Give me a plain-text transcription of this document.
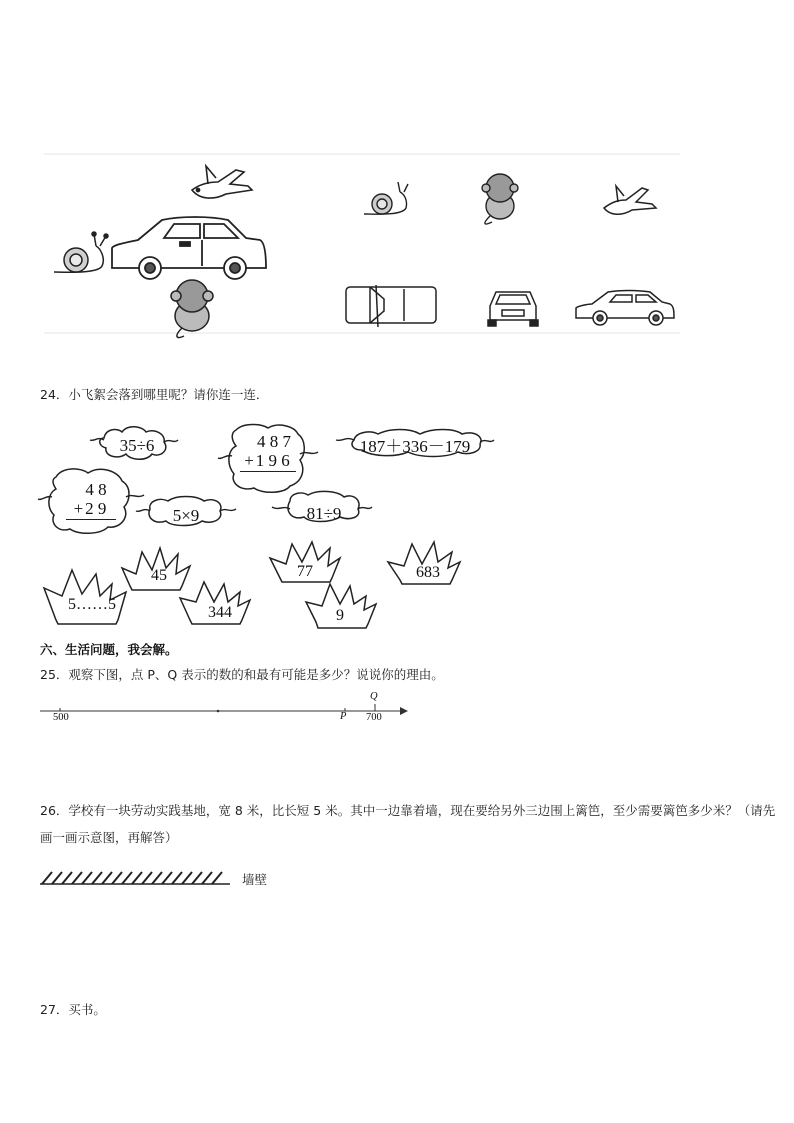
24．小飞絮会落到哪里呢？请你连一连．
35÷6	4 8 7
+ 1 9 6
187＋336－179
4 8
+ 2 9	5×9	81÷9
45	77	683
5……5	344	9
六、生活问题，我会解。
25．观察下图，点 P、Q 表示的数的和最有可能是多少？说说你的理由。
500	700
P
Q
26．学校有一块劳动实践基地，宽 8 米，比长短 5 米。其中一边靠着墙，现在要给另外三边围上篱笆，至少需要篱笆多少米？（请先画一画示意图，再解答）
墙壁
27．买书。
